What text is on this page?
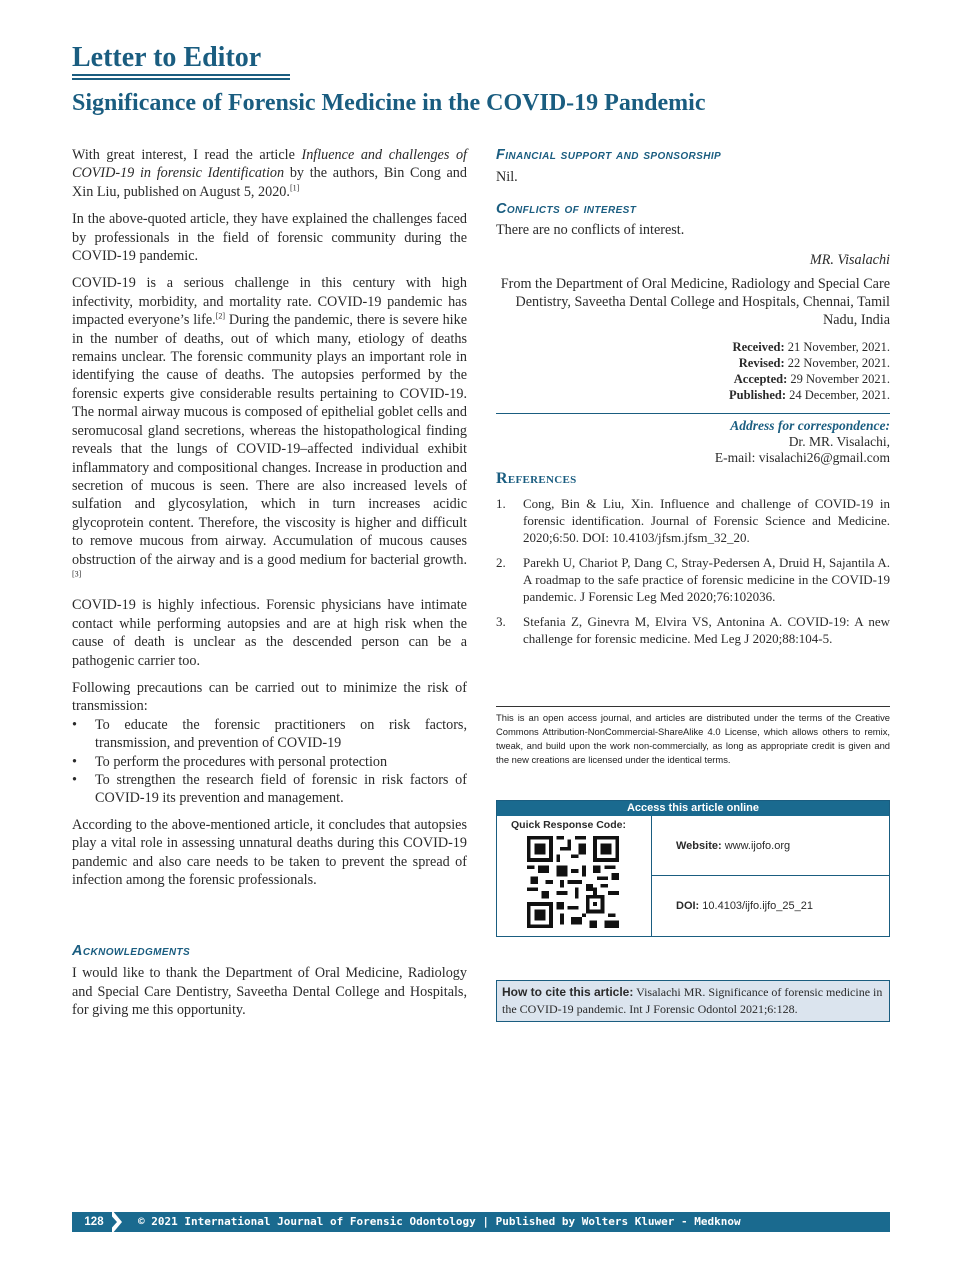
Letter to Editor
Significance of Forensic Medicine in the COVID-19 Pandemic

With great interest, I read the article Influence and challenges of COVID-19 in forensic Identification by the authors, Bin Cong and Xin Liu, published on August 5, 2020.[1]

In the above-quoted article, they have explained the challenges faced by professionals in the field of forensic community during the COVID-19 pandemic.

COVID-19 is a serious challenge in this century with high infectivity, morbidity, and mortality rate. COVID-19 pandemic has impacted everyone’s life.[2] During the pandemic, there is severe hike in the number of deaths, out of which many, etiology of deaths remains unclear. The forensic community plays an important role in identifying the cause of deaths. The autopsies performed by the forensic experts give considerable results pertaining to COVID-19. The normal airway mucous is composed of epithelial goblet cells and seromucosal gland secretions, whereas the histopathological finding reveals that the lungs of COVID-19–affected individual exhibit inflammatory and compositional changes. Increase in production and secretion of mucous is seen. There are also increased levels of sulfation and glycosylation, which in turn increases acidic glycoprotein content. Therefore, the viscosity is higher and difficult to remove mucous from airway. Accumulation of mucous causes obstruction of the airway and is a good medium for bacterial growth.[3]

COVID-19 is highly infectious. Forensic physicians have intimate contact while performing autopsies and are at high risk when the cause of death is unclear as the descended person can be a pathogenic carrier too.

Following precautions can be carried out to minimize the risk of transmission:

• To educate the forensic practitioners on risk factors, transmission, and prevention of COVID-19
• To perform the procedures with personal protection
• To strengthen the research field of forensic in risk factors of COVID-19 its prevention and management.

According to the above-mentioned article, it concludes that autopsies play a vital role in assessing unnatural deaths during this COVID-19 pandemic and also care needs to be taken to prevent the spread of infection among the forensic professionals.

Acknowledgments
I would like to thank the Department of Oral Medicine, Radiology and Special Care Dentistry, Saveetha Dental College and Hospitals, for giving me this opportunity.
Financial support and sponsorship
Nil.
Conflicts of interest
There are no conflicts of interest.
MR. Visalachi
From the Department of Oral Medicine, Radiology and Special Care Dentistry, Saveetha Dental College and Hospitals, Chennai, Tamil Nadu, India
Received: 21 November, 2021.
Revised: 22 November, 2021.
Accepted: 29 November 2021.
Published: 24 December, 2021.
Address for correspondence:
Dr. MR. Visalachi,
E-mail: visalachi26@gmail.com
References
1. Cong, Bin & Liu, Xin. Influence and challenge of COVID-19 in forensic identification. Journal of Forensic Science and Medicine. 2020;6:50. DOI: 10.4103/jfsm.jfsm_32_20.
2. Parekh U, Chariot P, Dang C, Stray-Pedersen A, Druid H, Sajantila A. A roadmap to the safe practice of forensic medicine in the COVID-19 pandemic. J Forensic Leg Med 2020;76:102036.
3. Stefania Z, Ginevra M, Elvira VS, Antonina A. COVID-19: A new challenge for forensic medicine. Med Leg J 2020;88:104-5.
This is an open access journal, and articles are distributed under the terms of the Creative Commons Attribution-NonCommercial-ShareAlike 4.0 License, which allows others to remix, tweak, and build upon the work non-commercially, as long as appropriate credit is given and the new creations are licensed under the identical terms.
Access this article online
Quick Response Code:
Website: www.ijofo.org
DOI: 10.4103/ijfo.ijfo_25_21
How to cite this article: Visalachi MR. Significance of forensic medicine in the COVID-19 pandemic. Int J Forensic Odontol 2021;6:128.
128	© 2021 International Journal of Forensic Odontology | Published by Wolters Kluwer - Medknow
